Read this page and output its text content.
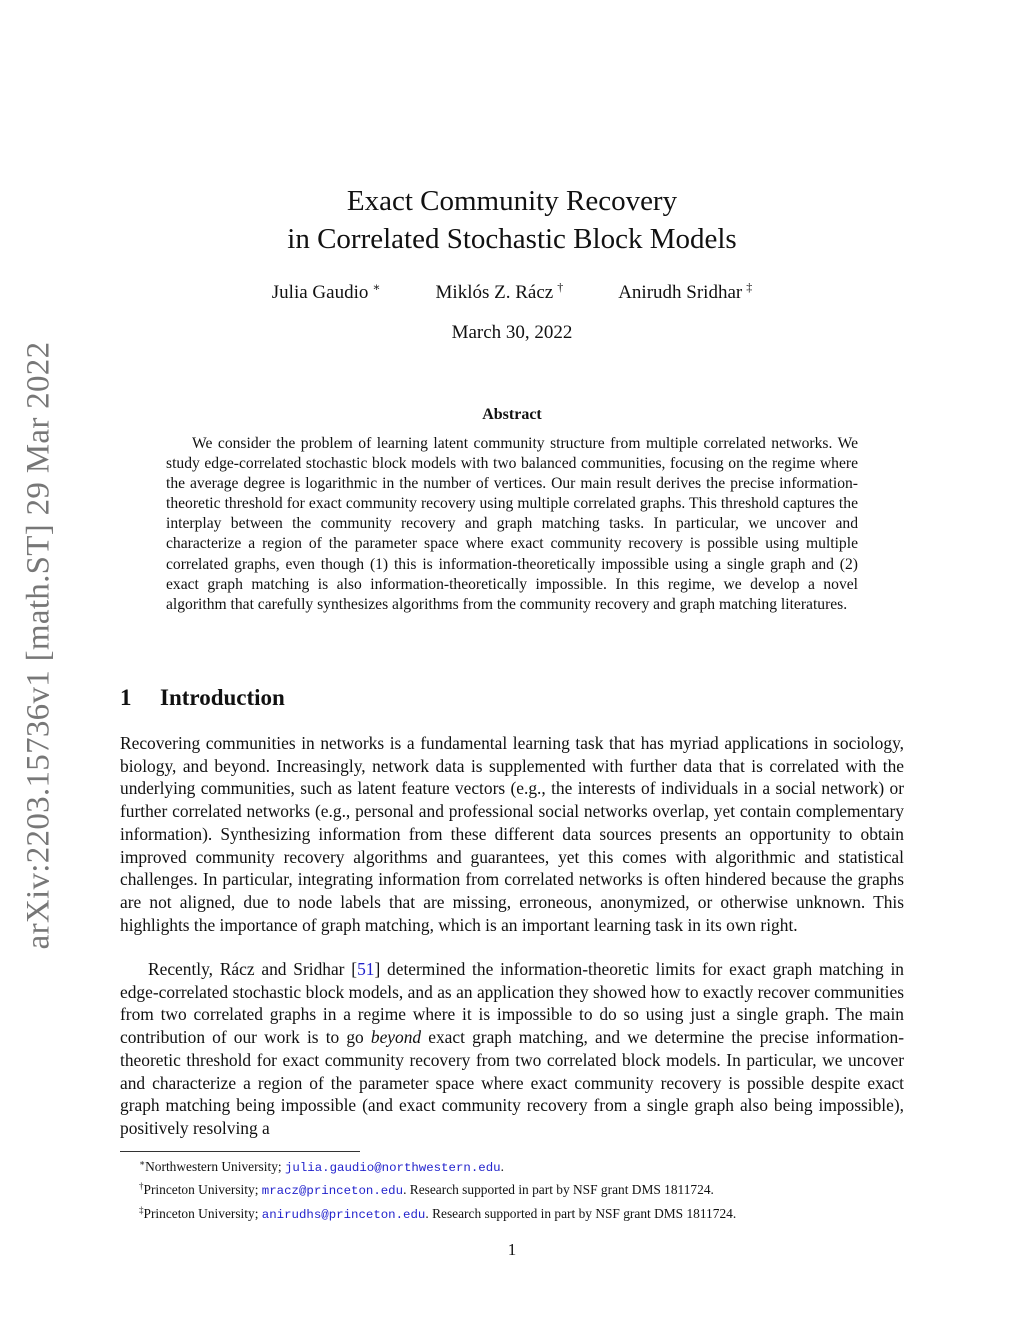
arXiv:2203.15736v1 [math.ST] 29 Mar 2022
Exact Community Recovery
in Correlated Stochastic Block Models
Julia Gaudio ∗	Miklós Z. Rácz †	Anirudh Sridhar ‡
March 30, 2022
Abstract

We consider the problem of learning latent community structure from multiple correlated networks. We study edge-correlated stochastic block models with two balanced communities, focusing on the regime where the average degree is logarithmic in the number of vertices. Our main result derives the precise information-theoretic threshold for exact community recovery using multiple correlated graphs. This threshold captures the interplay between the community recovery and graph matching tasks. In particular, we uncover and characterize a region of the parameter space where exact community recovery is possible using multiple correlated graphs, even though (1) this is information-theoretically impossible using a single graph and (2) exact graph matching is also information-theoretically impossible. In this regime, we develop a novel algorithm that carefully synthesizes algorithms from the community recovery and graph matching literatures.

1 Introduction

Recovering communities in networks is a fundamental learning task that has myriad applications in sociology, biology, and beyond. Increasingly, network data is supplemented with further data that is correlated with the underlying communities, such as latent feature vectors (e.g., the interests of individuals in a social network) or further correlated networks (e.g., personal and professional social networks overlap, yet contain complementary information). Synthesizing information from these different data sources presents an opportunity to obtain improved community recovery algorithms and guarantees, yet this comes with algorithmic and statistical challenges. In particular, integrating information from correlated networks is often hindered because the graphs are not aligned, due to node labels that are missing, erroneous, anonymized, or otherwise unknown. This highlights the importance of graph matching, which is an important learning task in its own right.

Recently, Rácz and Sridhar [51] determined the information-theoretic limits for exact graph matching in edge-correlated stochastic block models, and as an application they showed how to exactly recover communities from two correlated graphs in a regime where it is impossible to do so using just a single graph. The main contribution of our work is to go beyond exact graph matching, and we determine the precise information-theoretic threshold for exact community recovery from two correlated block models. In particular, we uncover and characterize a region of the parameter space where exact community recovery is possible despite exact graph matching being impossible (and exact community recovery from a single graph also being impossible), positively resolving a

∗Northwestern University; julia.gaudio@northwestern.edu.
†Princeton University; mracz@princeton.edu. Research supported in part by NSF grant DMS 1811724.
‡Princeton University; anirudhs@princeton.edu. Research supported in part by NSF grant DMS 1811724.
1
